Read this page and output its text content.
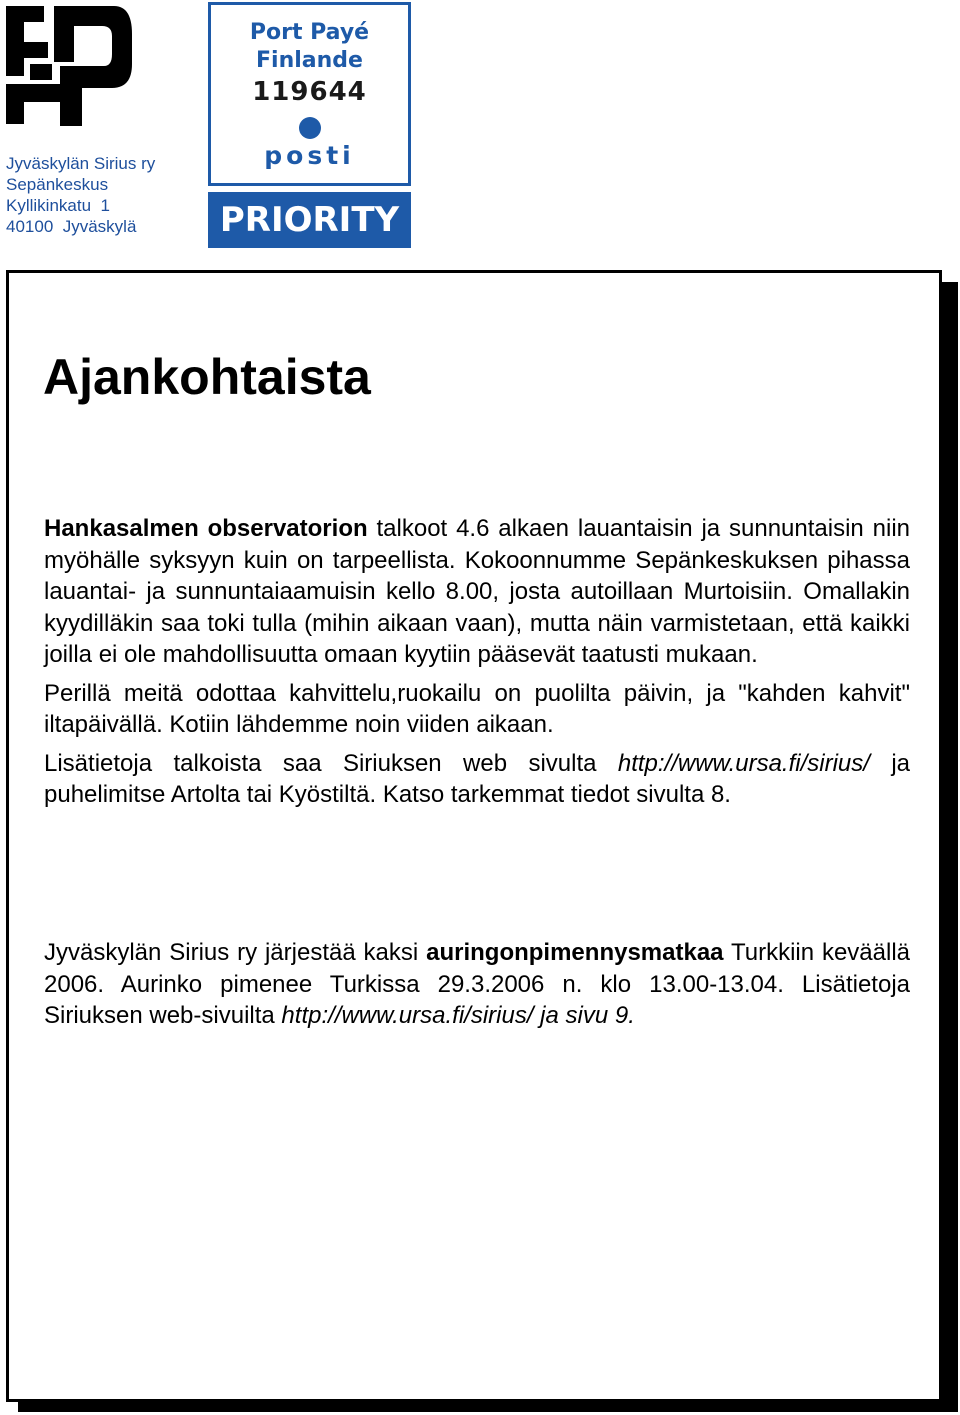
Jyväskylän Sirius ry
Sepänkeskus
Kyllikinkatu  1
40100  Jyväskylä
Port Payé
Finlande
119644
posti
PRIORITY
Ajankohtaista

Hankasalmen observatorion talkoot 4.6 alkaen lauantaisin ja sunnuntaisin niin myöhälle syksyyn kuin on tarpeellista. Kokoonnumme Sepänkeskuksen pihassa lauantai- ja sunnuntaiaamuisin kello 8.00, josta autoillaan Murtoisiin. Omallakin kyydilläkin saa toki tulla (mihin aikaan vaan), mutta näin varmistetaan, että kaikki joilla ei ole mahdollisuutta omaan kyytiin pääsevät taatusti mukaan.

Perillä meitä odottaa kahvittelu,ruokailu on puolilta päivin, ja "kahden kahvit" iltapäivällä. Kotiin lähdemme noin viiden aikaan.

Lisätietoja talkoista saa Siriuksen web sivulta http://www.ursa.fi/sirius/ ja puhelimitse Artolta tai Kyöstiltä. Katso tarkemmat tiedot sivulta 8.

Jyväskylän Sirius ry järjestää kaksi auringonpimennysmatkaa Turkkiin keväällä 2006. Aurinko pimenee Turkissa 29.3.2006 n. klo 13.00-13.04. Lisätietoja Siriuksen web-sivuilta http://www.ursa.fi/sirius/ ja sivu 9.
